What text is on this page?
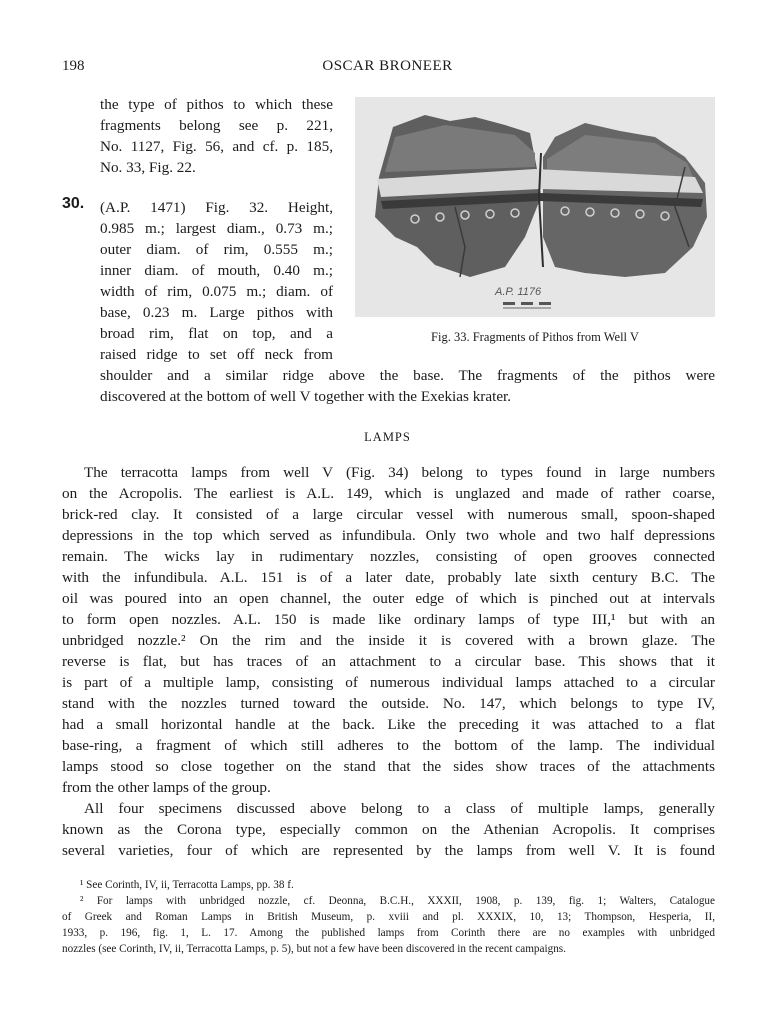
198	OSCAR BRONEER
the type of pithos to which these
fragments belong see p. 221,
No. 1127, Fig. 56, and cf. p. 185,
No. 33, Fig. 22.
30. (A.P. 1471) Fig. 32. Height,
0.985 m.; largest diam., 0.73 m.;
outer diam. of rim, 0.555 m.;
inner diam. of mouth, 0.40 m.;
width of rim, 0.075 m.; diam. of
base, 0.23 m. Large pithos with
broad rim, flat on top, and a
raised ridge to set off neck from
shoulder and a similar ridge above the base. The fragments of the pithos were
discovered at the bottom of well V together with the Exekias krater.
A.P. 1176
Fig. 33. Fragments of Pithos from Well V
LAMPS
The terracotta lamps from well V (Fig. 34) belong to types found in large numbers
on the Acropolis. The earliest is A.L. 149, which is unglazed and made of rather coarse,
brick-red clay. It consisted of a large circular vessel with numerous small, spoon-shaped
depressions in the top which served as infundibula. Only two whole and two half depressions
remain. The wicks lay in rudimentary nozzles, consisting of open grooves connected
with the infundibula. A.L. 151 is of a later date, probably late sixth century B.C. The
oil was poured into an open channel, the outer edge of which is pinched out at intervals
to form open nozzles. A.L. 150 is made like ordinary lamps of type III,¹ but with an
unbridged nozzle.² On the rim and the inside it is covered with a brown glaze. The
reverse is flat, but has traces of an attachment to a circular base. This shows that it
is part of a multiple lamp, consisting of numerous individual lamps attached to a circular
stand with the nozzles turned toward the outside. No. 147, which belongs to type IV,
had a small horizontal handle at the back. Like the preceding it was attached to a flat
base-ring, a fragment of which still adheres to the bottom of the lamp. The individual
lamps stood so close together on the stand that the sides show traces of the attachments
from the other lamps of the group.
All four specimens discussed above belong to a class of multiple lamps, generally
known as the Corona type, especially common on the Athenian Acropolis. It comprises
several varieties, four of which are represented by the lamps from well V. It is found
¹ See Corinth, IV, ii, Terracotta Lamps, pp. 38 f.
² For lamps with unbridged nozzle, cf. Deonna, B.C.H., XXXII, 1908, p. 139, fig. 1; Walters, Catalogue
of Greek and Roman Lamps in British Museum, p. xviii and pl. XXXIX, 10, 13; Thompson, Hesperia, II,
1933, p. 196, fig. 1, L. 17. Among the published lamps from Corinth there are no examples with unbridged
nozzles (see Corinth, IV, ii, Terracotta Lamps, p. 5), but not a few have been discovered in the recent campaigns.
